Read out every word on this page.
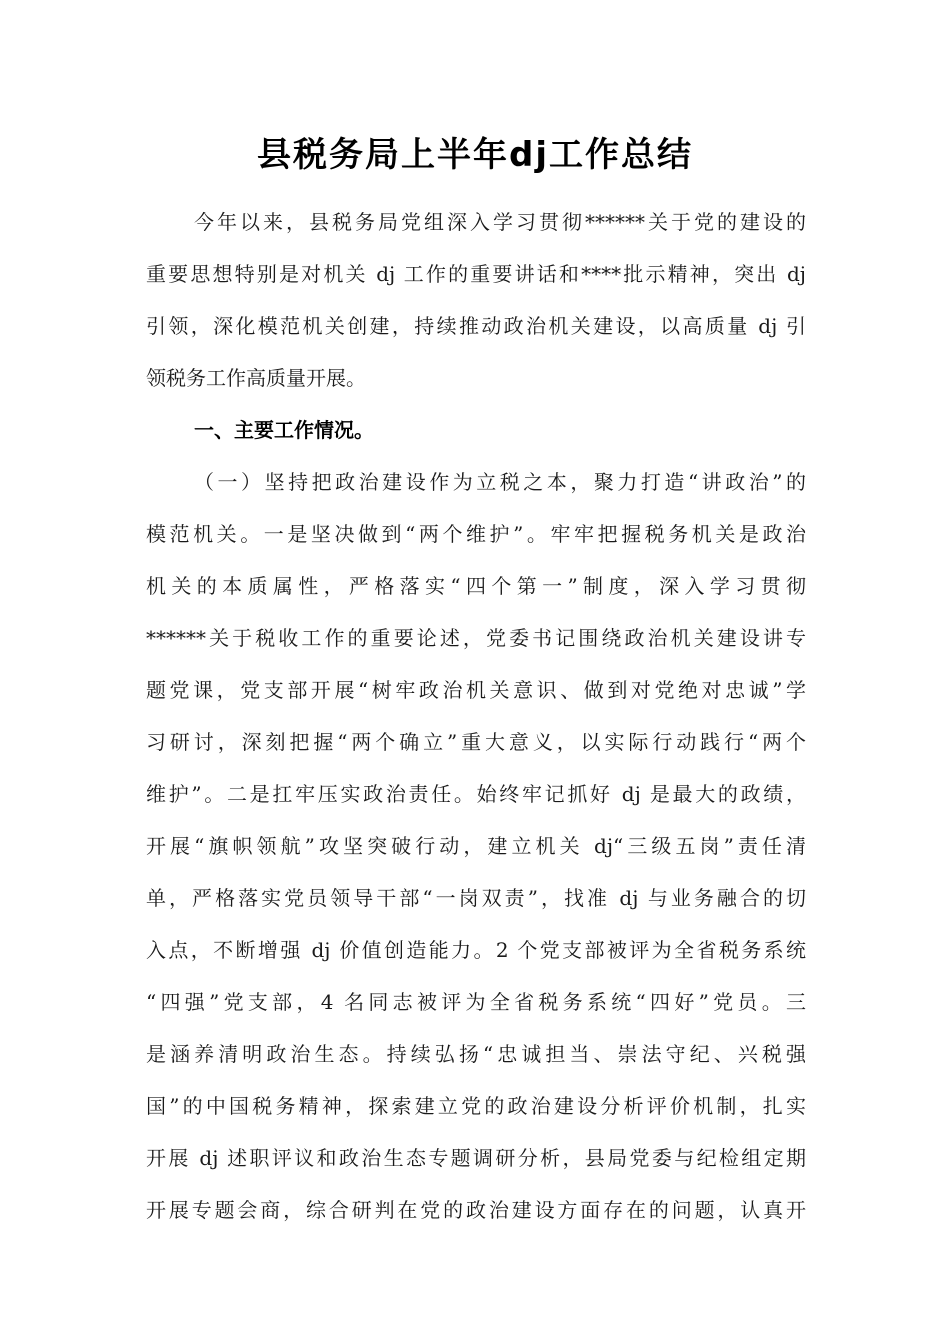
县税务局上半年dj工作总结
今年以来，县税务局党组深入学习贯彻******关于党的建设的
重要思想特别是对机关 dj 工作的重要讲话和****批示精神，突出 dj
引领，深化模范机关创建，持续推动政治机关建设，以高质量 dj 引
领税务工作高质量开展。
一、主要工作情况。
（一）坚持把政治建设作为立税之本，聚力打造“讲政治”的
模范机关。一是坚决做到“两个维护”。牢牢把握税务机关是政治
机关的本质属性，严格落实“四个第一”制度，深入学习贯彻
******关于税收工作的重要论述，党委书记围绕政治机关建设讲专
题党课，党支部开展“树牢政治机关意识、做到对党绝对忠诚”学
习研讨，深刻把握“两个确立”重大意义，以实际行动践行“两个
维护”。二是扛牢压实政治责任。始终牢记抓好 dj 是最大的政绩，
开展“旗帜领航”攻坚突破行动，建立机关 dj“三级五岗”责任清
单，严格落实党员领导干部“一岗双责”，找准 dj 与业务融合的切
入点，不断增强 dj 价值创造能力。2 个党支部被评为全省税务系统
“四强”党支部，4 名同志被评为全省税务系统“四好”党员。三
是涵养清明政治生态。持续弘扬“忠诚担当、崇法守纪、兴税强
国”的中国税务精神，探索建立党的政治建设分析评价机制，扎实
开展 dj 述职评议和政治生态专题调研分析，县局党委与纪检组定期
开展专题会商，综合研判在党的政治建设方面存在的问题，认真开
